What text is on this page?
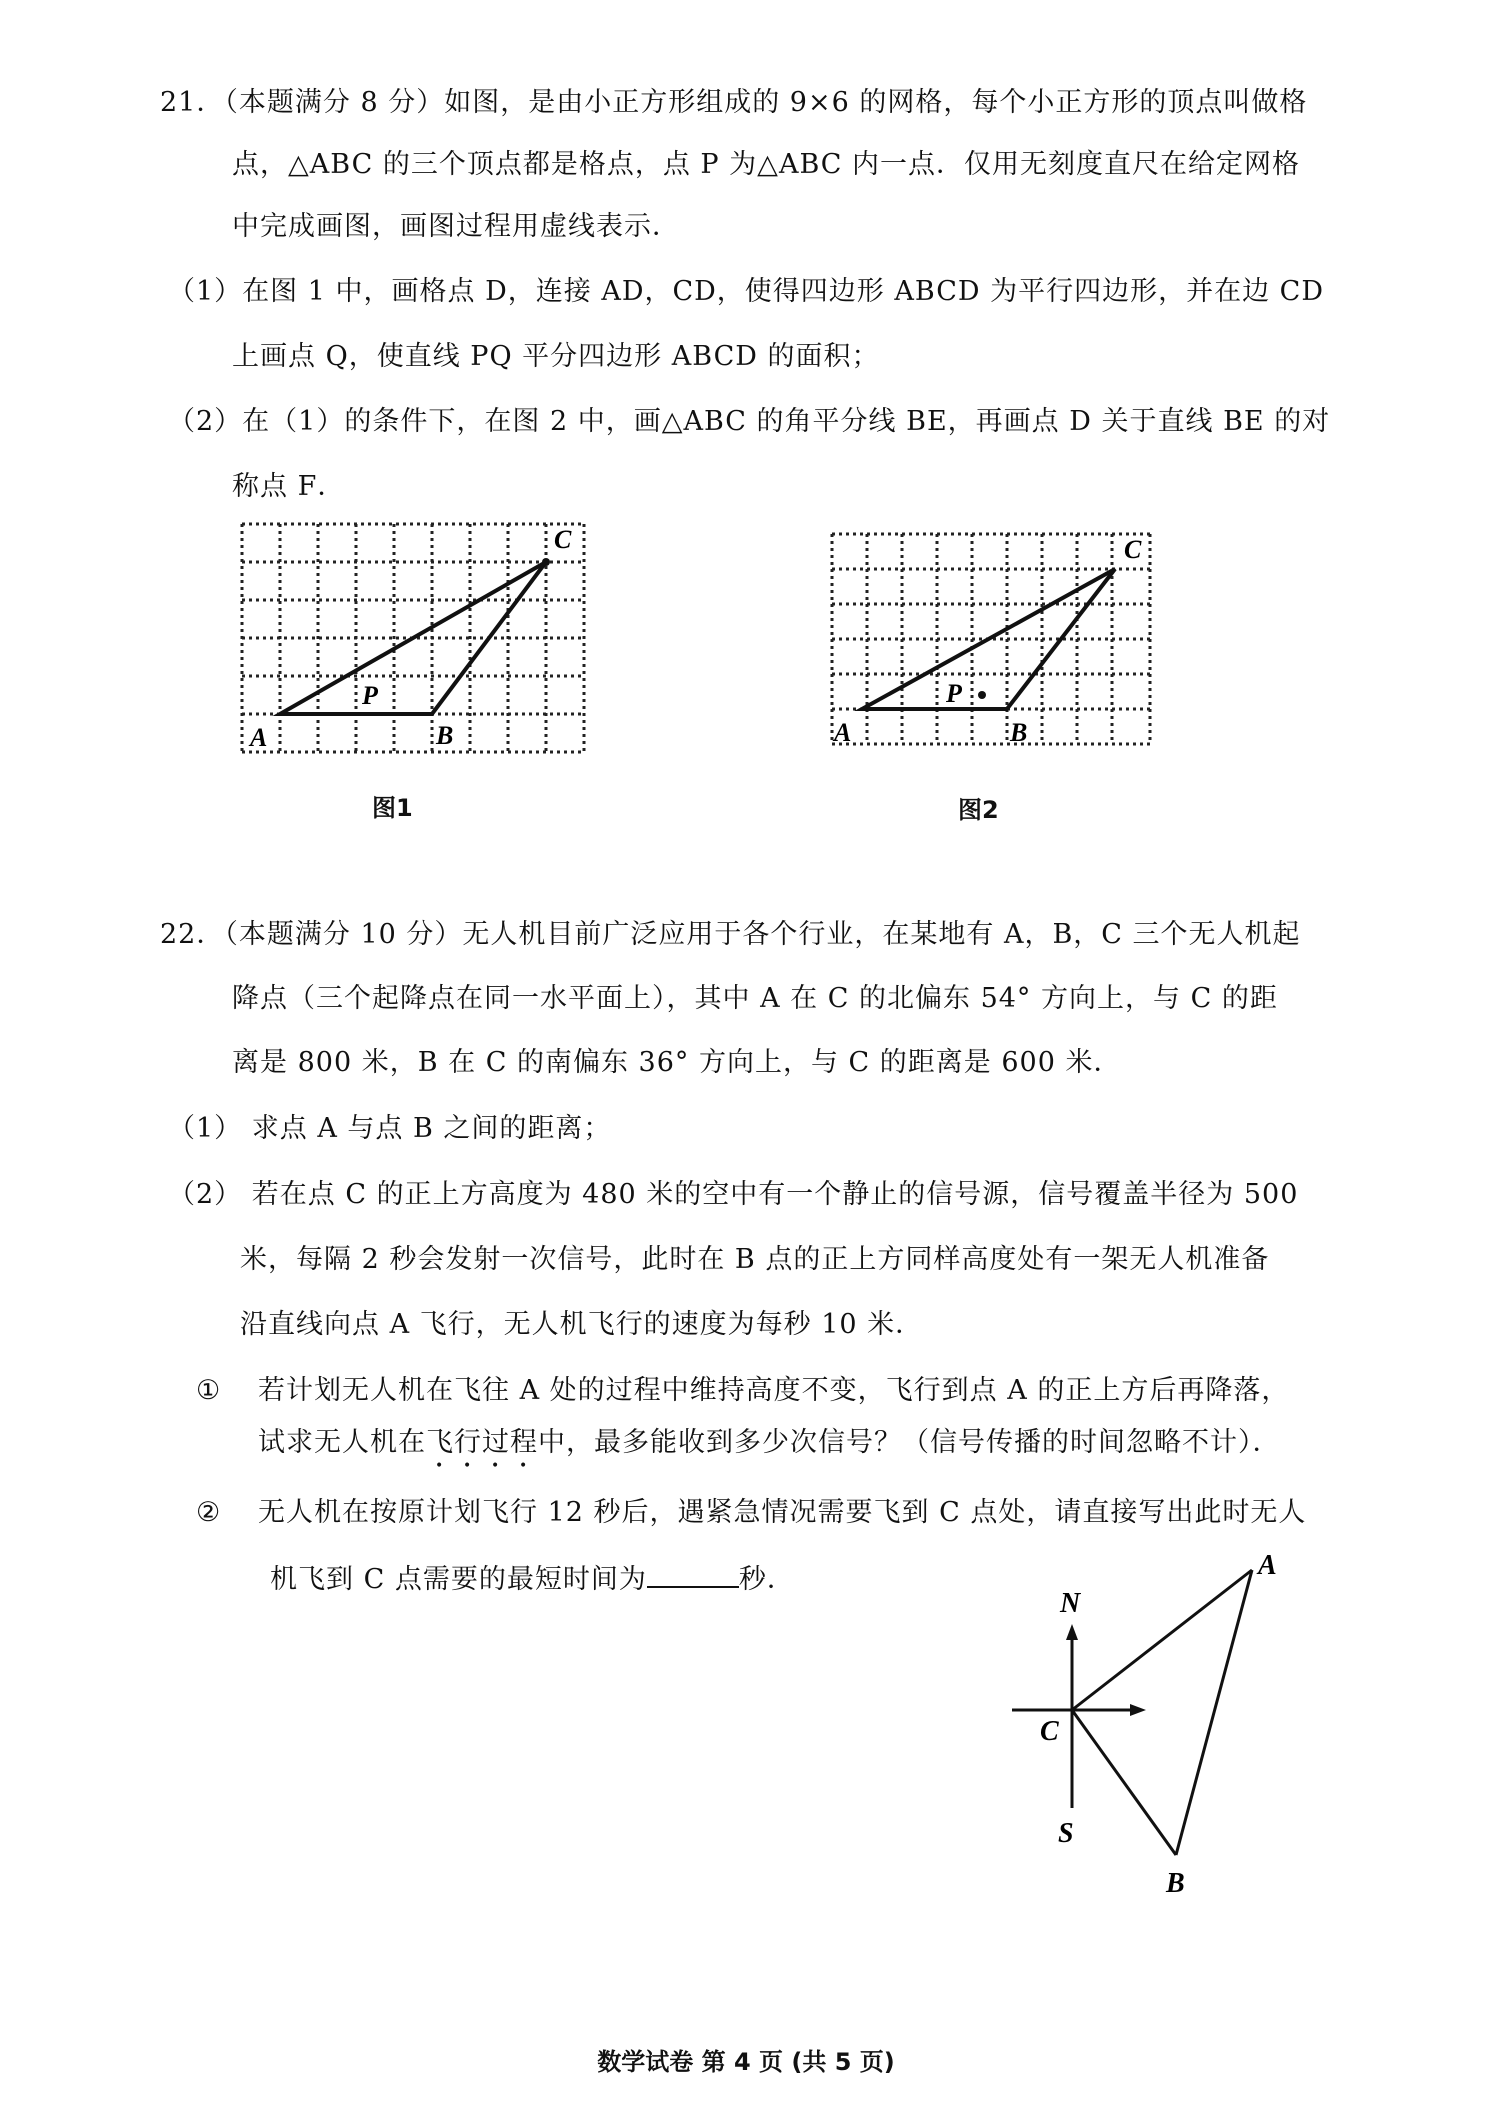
21．（本题满分 8 分）如图，是由小正方形组成的 9×6 的网格，每个小正方形的顶点叫做格
点，△ABC 的三个顶点都是格点，点 P 为△ABC 内一点．仅用无刻度直尺在给定网格
中完成画图，画图过程用虚线表示．
（1）在图 1 中，画格点 D，连接 AD，CD，使得四边形 ABCD 为平行四边形，并在边 CD
上画点 Q，使直线 PQ 平分四边形 ABCD 的面积；
（2）在（1）的条件下，在图 2 中，画△ABC 的角平分线 BE，再画点 D 关于直线 BE 的对
称点 F．
A	B
C
P
图1
A	B
C
P
图2
22．（本题满分 10 分）无人机目前广泛应用于各个行业，在某地有 A，B，C 三个无人机起
降点（三个起降点在同一水平面上），其中 A 在 C 的北偏东 54° 方向上，与 C 的距
离是 800 米，B 在 C 的南偏东 36° 方向上，与 C 的距离是 600 米．
（1） 求点 A 与点 B 之间的距离；
（2） 若在点 C 的正上方高度为 480 米的空中有一个静止的信号源，信号覆盖半径为 500
米，每隔 2 秒会发射一次信号，此时在 B 点的正上方同样高度处有一架无人机准备
沿直线向点 A 飞行，无人机飞行的速度为每秒 10 米．
① 若计划无人机在飞往 A 处的过程中维持高度不变，飞行到点 A 的正上方后再降落，
试求无人机在飞行过程中，最多能收到多少次信号？（信号传播的时间忽略不计）．
② 无人机在按原计划飞行 12 秒后，遇紧急情况需要飞到 C 点处，请直接写出此时无人
机飞到 C 点需要的最短时间为	秒．
N
S
C
A
B
数学试卷 第 4 页 (共 5 页)
